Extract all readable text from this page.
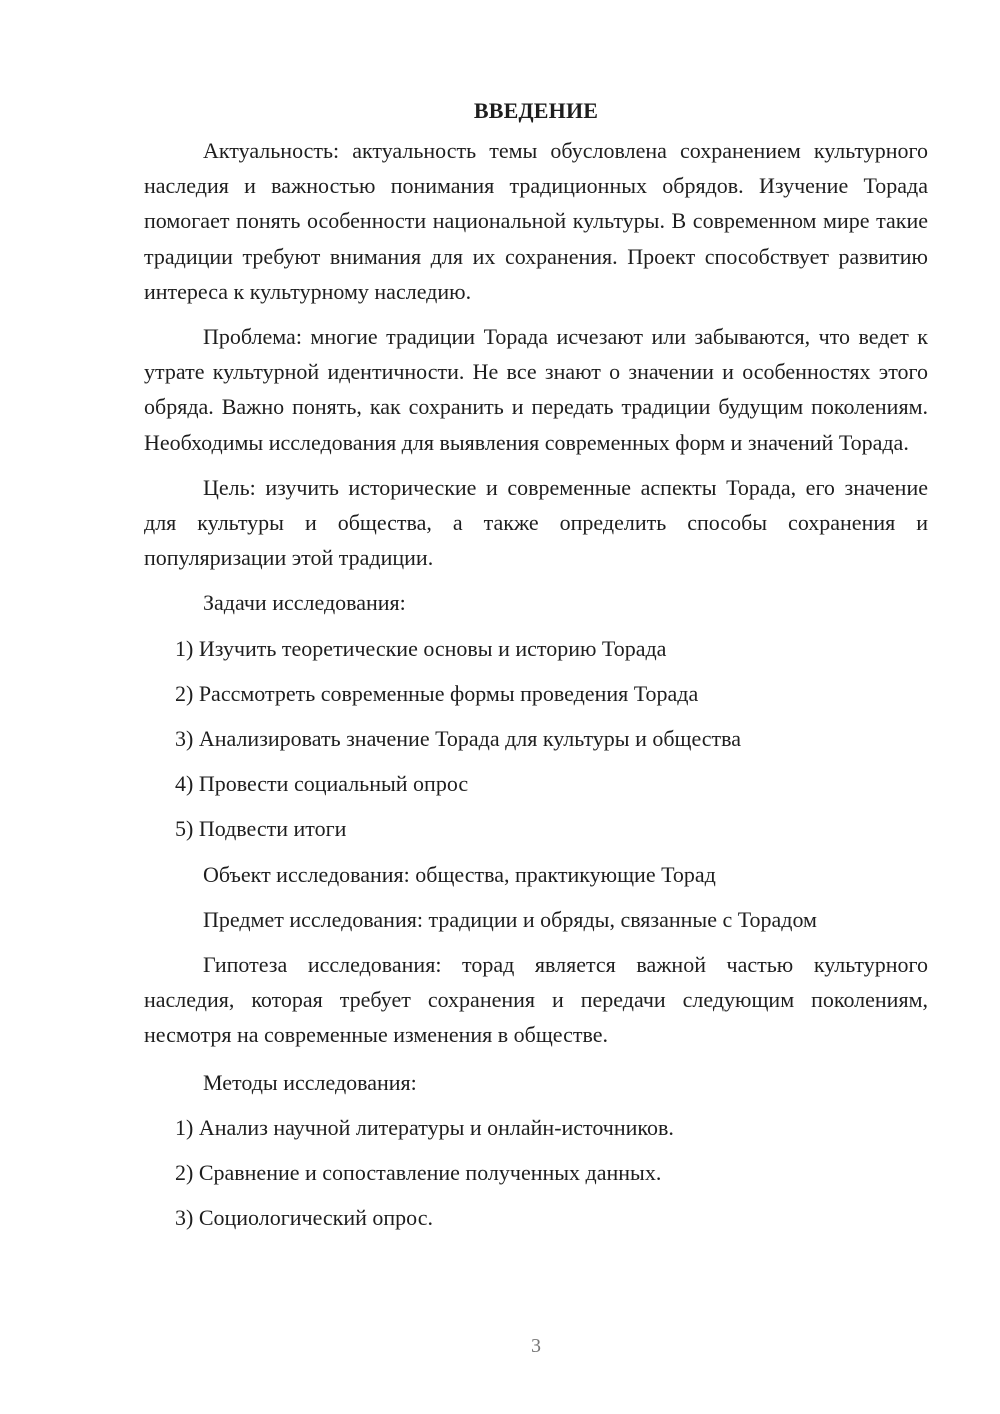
ВВЕДЕНИЕ

Актуальность: актуальность темы обусловлена сохранением культурного наследия и важностью понимания традиционных обрядов. Изучение Торада помогает понять особенности национальной культуры. В современном мире такие традиции требуют внимания для их сохранения. Проект способствует развитию интереса к культурному наследию.

Проблема: многие традиции Торада исчезают или забываются, что ведет к утрате культурной идентичности. Не все знают о значении и особенностях этого обряда. Важно понять, как сохранить и передать традиции будущим поколениям. Необходимы исследования для выявления современных форм и значений Торада.

Цель: изучить исторические и современные аспекты Торада, его значение для культуры и общества, а также определить способы сохранения и популяризации этой традиции.

Задачи исследования:

1) Изучить теоретические основы и историю Торада

2) Рассмотреть современные формы проведения Торада

3) Анализировать значение Торада для культуры и общества

4) Провести социальный опрос

5) Подвести итоги

Объект исследования: общества, практикующие Торад

Предмет исследования: традиции и обряды, связанные с Торадом

Гипотеза исследования: торад является важной частью культурного наследия, которая требует сохранения и передачи следующим поколениям, несмотря на современные изменения в обществе.

Методы исследования:

1) Анализ научной литературы и онлайн-источников.

2) Сравнение и сопоставление полученных данных.

3) Социологический опрос.

3
